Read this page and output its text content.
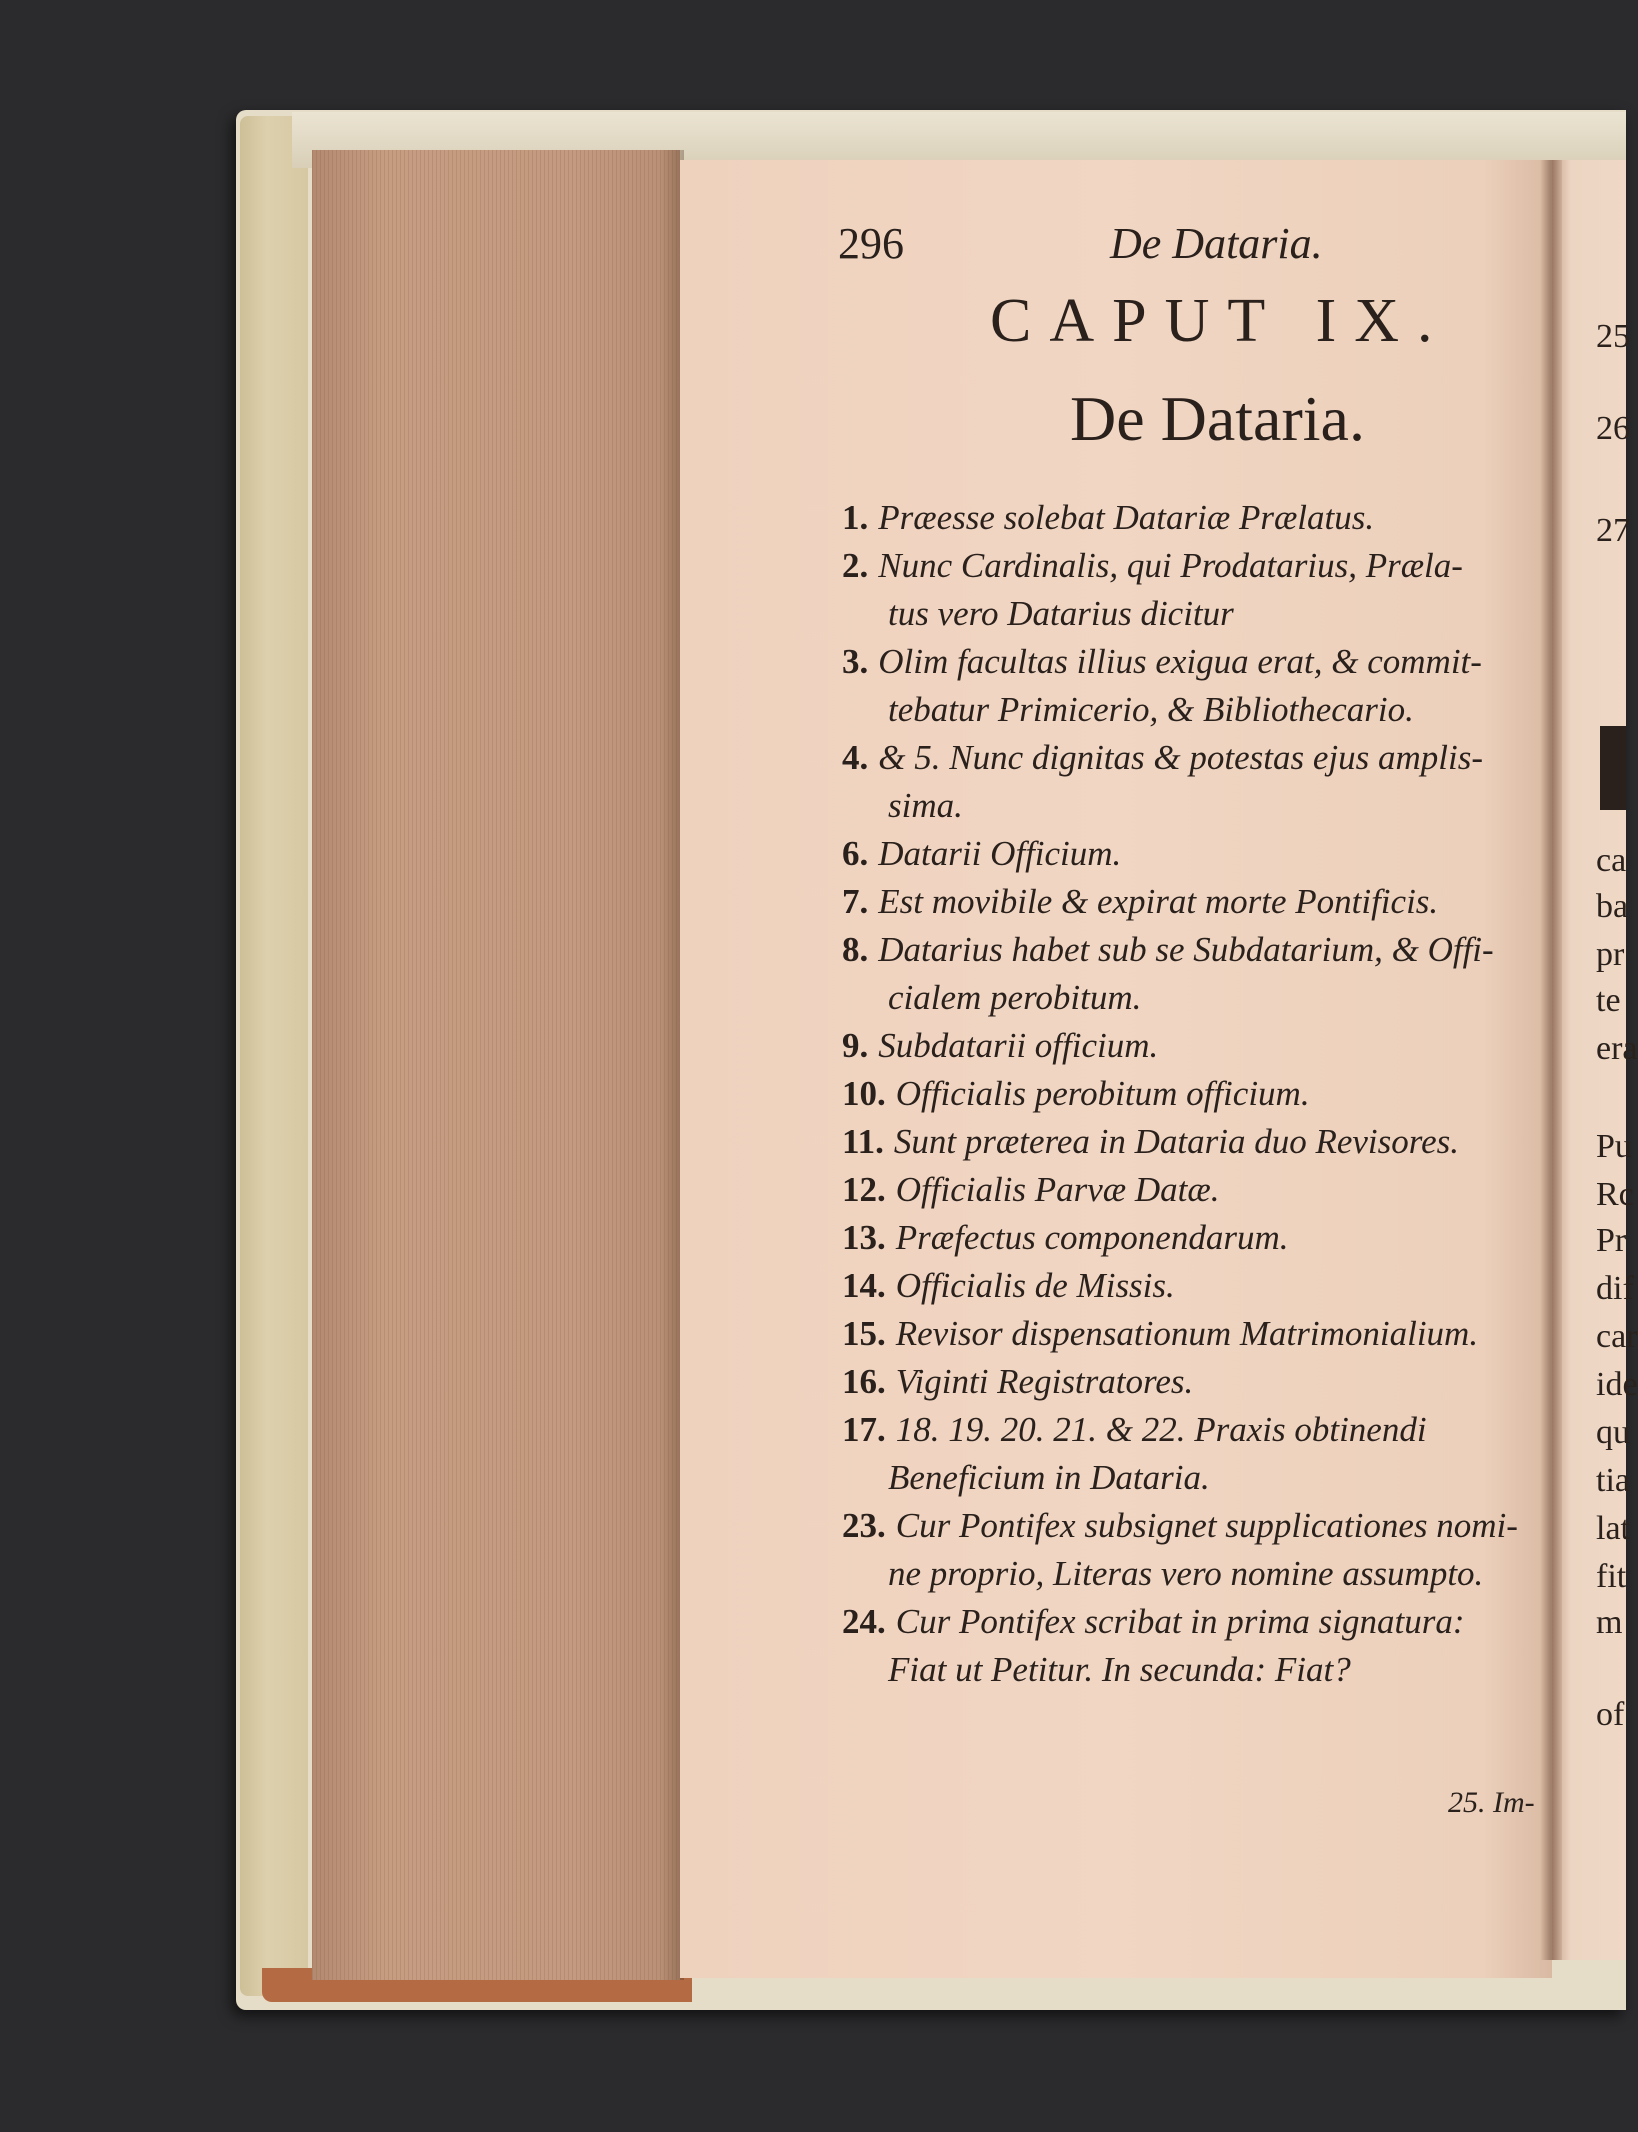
296	De Dataria.
CAPUT IX.
De Dataria.
1. Præesse solebat Datariæ Prælatus.
2. Nunc Cardinalis, qui Prodatarius, Præla-
tus vero Datarius dicitur
3. Olim facultas illius exigua erat, & commit-
tebatur Primicerio, & Bibliothecario.
4. & 5. Nunc dignitas & potestas ejus amplis-
sima.
6. Datarii Officium.
7. Est movibile & expirat morte Pontificis.
8. Datarius habet sub se Subdatarium, & Offi-
cialem perobitum.
9. Subdatarii officium.
10. Officialis perobitum officium.
11. Sunt præterea in Dataria duo Revisores.
12. Officialis Parvæ Datæ.
13. Præfectus componendarum.
14. Officialis de Missis.
15. Revisor dispensationum Matrimonialium.
16. Viginti Registratores.
17. 18. 19. 20. 21. & 22. Praxis obtinendi
Beneficium in Dataria.
23. Cur Pontifex subsignet supplicationes nomi-
ne proprio, Literas vero nomine assumpto.
24. Cur Pontifex scribat in prima signatura:
Fiat ut Petitur. In secunda: Fiat?
25. Im-
25
26
27
ca
ba
pr
te
era
Pu
Rc
Pr
dif
car
ide
qu
tia
lat
fit
m
of
